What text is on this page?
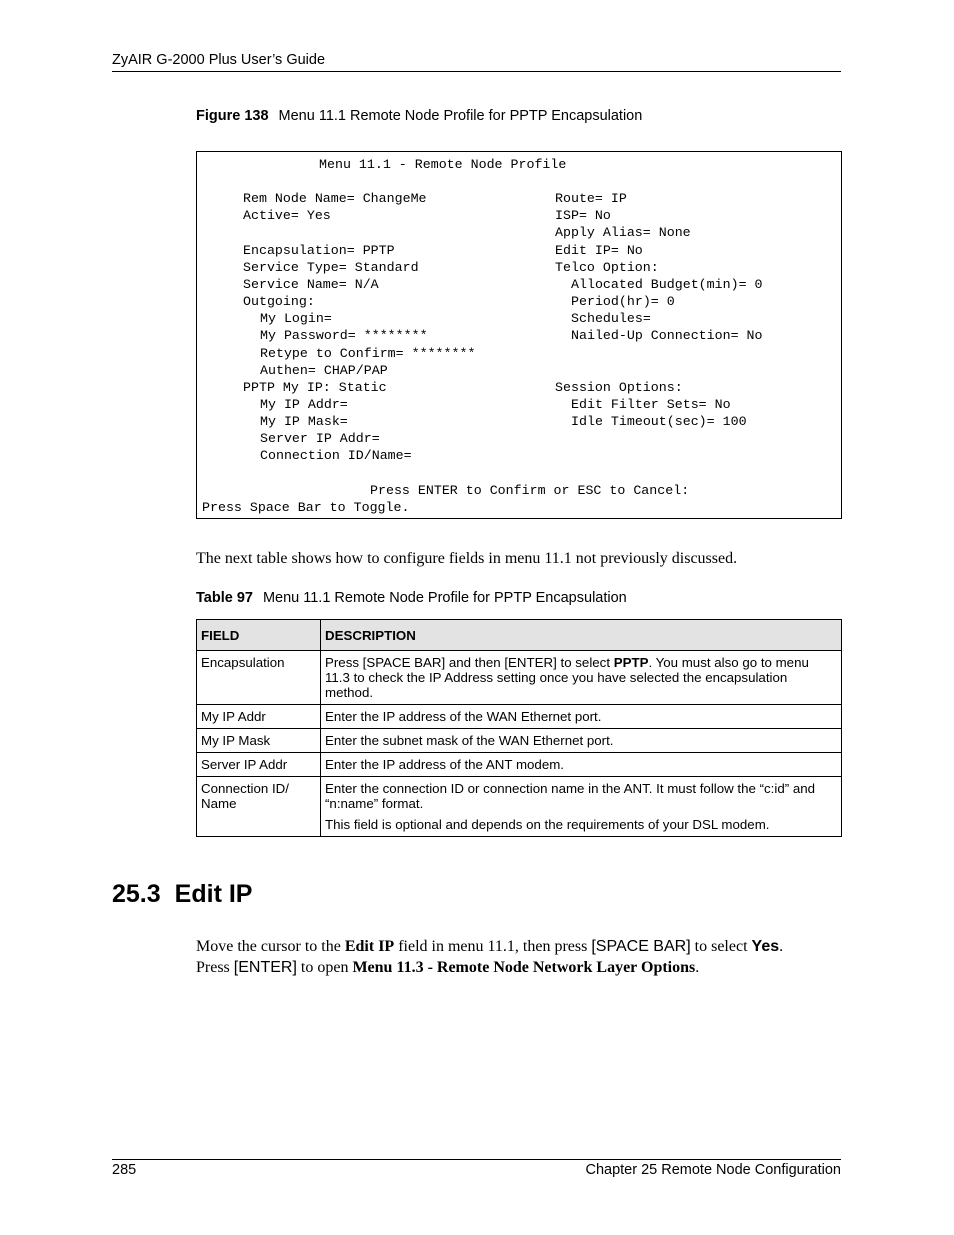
ZyAIR G-2000 Plus User’s Guide
Figure 138 Menu 11.1 Remote Node Profile for PPTP Encapsulation
Menu 11.1 - Remote Node Profile
Rem Node Name= ChangeMe
Active= Yes
Encapsulation= PPTP
Service Type= Standard
Service Name= N/A
Outgoing:
My Login=
My Password= ********
Retype to Confirm= ********
Authen= CHAP/PAP
PPTP My IP: Static
My IP Addr=
My IP Mask=
Server IP Addr=
Connection ID/Name=
Route= IP
ISP= No
Apply Alias= None
Edit IP= No
Telco Option:
Allocated Budget(min)= 0
Period(hr)= 0
Schedules=
Nailed-Up Connection= No
Session Options:
Edit Filter Sets= No
Idle Timeout(sec)= 100
Press ENTER to Confirm or ESC to Cancel:
Press Space Bar to Toggle.
The next table shows how to configure fields in menu 11.1 not previously discussed.
Table 97 Menu 11.1 Remote Node Profile for PPTP Encapsulation
FIELD	DESCRIPTION
Encapsulation	Press [SPACE BAR] and then [ENTER] to select PPTP. You must also go to menu
11.3 to check the IP Address setting once you have selected the encapsulation
method.
My IP Addr	Enter the IP address of the WAN Ethernet port.
My IP Mask	Enter the subnet mask of the WAN Ethernet port.
Server IP Addr	Enter the IP address of the ANT modem.
Connection ID/
Name	Enter the connection ID or connection name in the ANT. It must follow the “c:id” and
“n:name” format.
This field is optional and depends on the requirements of your DSL modem.
25.3 Edit IP
Move the cursor to the Edit IP field in menu 11.1, then press [SPACE BAR] to select Yes.
Press [ENTER] to open Menu 11.3 - Remote Node Network Layer Options.
285	Chapter 25 Remote Node Configuration
